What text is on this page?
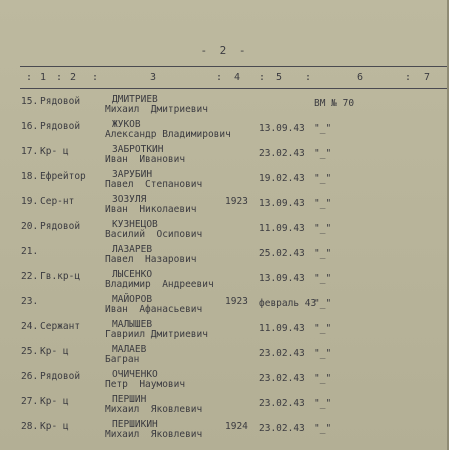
- 2 -
: 1 : 2 :	3	: 4 : 5 :	6	: 7
15. Рядовой	ДМИТРИЕВ
Михаил  Дмитриевич
ВМ № 70
16. Рядовой	ЖУКОВ
Александр Владимирович
13.09.43 "_"
17. Кр- ц	ЗАБРОТКИН
Иван  Иванович
23.02.43 "_"
18. Ефрейтор	ЗАРУБИН
Павел  Степанович
19.02.43 "_"
19. Сер-нт	ЗОЗУЛЯ
Иван  Николаевич
1923 13.09.43 "_"
20. Рядовой	КУЗНЕЦОВ
Василий  Осипович
11.09.43 "_"
21.	ЛАЗАРЕВ
Павел  Назарович
25.02.43 "_"
22. Гв.кр-ц	ЛЫСЕНКО
Владимир  Андреевич
13.09.43 "_"
23.	МАЙОРОВ
Иван  Афанасьевич
1923 февраль 43
"_"
24. Сержант	МАЛЫШЕВ
Гавриил Дмитриевич
11.09.43 "_"
25. Кр- ц	МАЛАЕВ
Багран
23.02.43 "_"
26. Рядовой	ОЧИЧЕНКО
Петр  Наумович
23.02.43 "_"
27. Кр- ц	ПЕРШИН
Михаил  Яковлевич
23.02.43 "_"
28. Кр- ц	ПЕРШИКИН
Михаил  Яковлевич
1924 23.02.43 "_"
